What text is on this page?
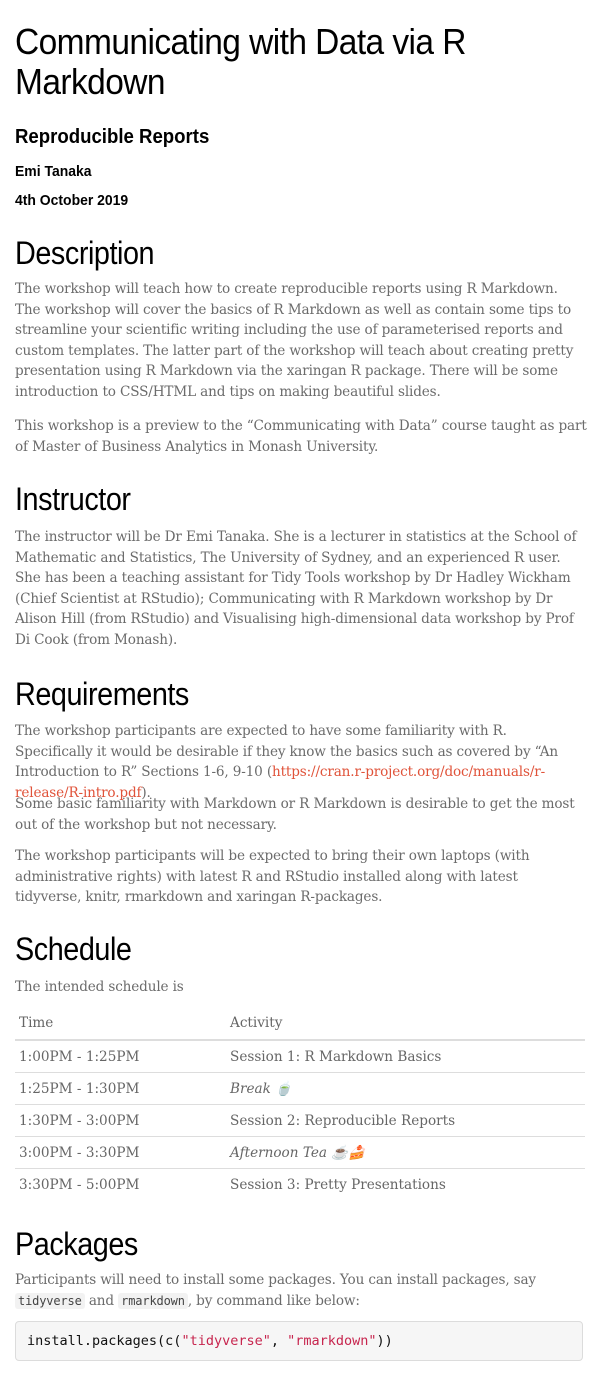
Communicating with Data via R Markdown
Reproducible Reports
Emi Tanaka
4th October 2019
Description

The workshop will teach how to create reproducible reports using R Markdown. The workshop will cover the basics of R Markdown as well as contain some tips to streamline your scientific writing including the use of parameterised reports and custom templates. The latter part of the workshop will teach about creating pretty presentation using R Markdown via the xaringan R package. There will be some introduction to CSS/HTML and tips on making beautiful slides.

This workshop is a preview to the “Communicating with Data” course taught as part of Master of Business Analytics in Monash University.

Instructor

The instructor will be Dr Emi Tanaka. She is a lecturer in statistics at the School of Mathematic and Statistics, The University of Sydney, and an experienced R user. She has been a teaching assistant for Tidy Tools workshop by Dr Hadley Wickham (Chief Scientist at RStudio); Communicating with R Markdown workshop by Dr Alison Hill (from RStudio) and Visualising high-dimensional data workshop by Prof Di Cook (from Monash).

Requirements

The workshop participants are expected to have some familiarity with R. Specifically it would be desirable if they know the basics such as covered by “An Introduction to R” Sections 1-6, 9-10 (https://cran.r-project.org/doc/manuals/r-release/R-intro.pdf).

Some basic familiarity with Markdown or R Markdown is desirable to get the most out of the workshop but not necessary.

The workshop participants will be expected to bring their own laptops (with administrative rights) with latest R and RStudio installed along with latest tidyverse, knitr, rmarkdown and xaringan R-packages.

Schedule

The intended schedule is

Time	Activity
1:00PM - 1:25PM	Session 1: R Markdown Basics
1:25PM - 1:30PM	Break 🍵
1:30PM - 3:00PM	Session 2: Reproducible Reports
3:00PM - 3:30PM	Afternoon Tea ☕🍰
3:30PM - 5:00PM	Session 3: Pretty Presentations
Packages

Participants will need to install some packages. You can install packages, say tidyverse and rmarkdown , by command like below:

install.packages(c("tidyverse", "rmarkdown"))
